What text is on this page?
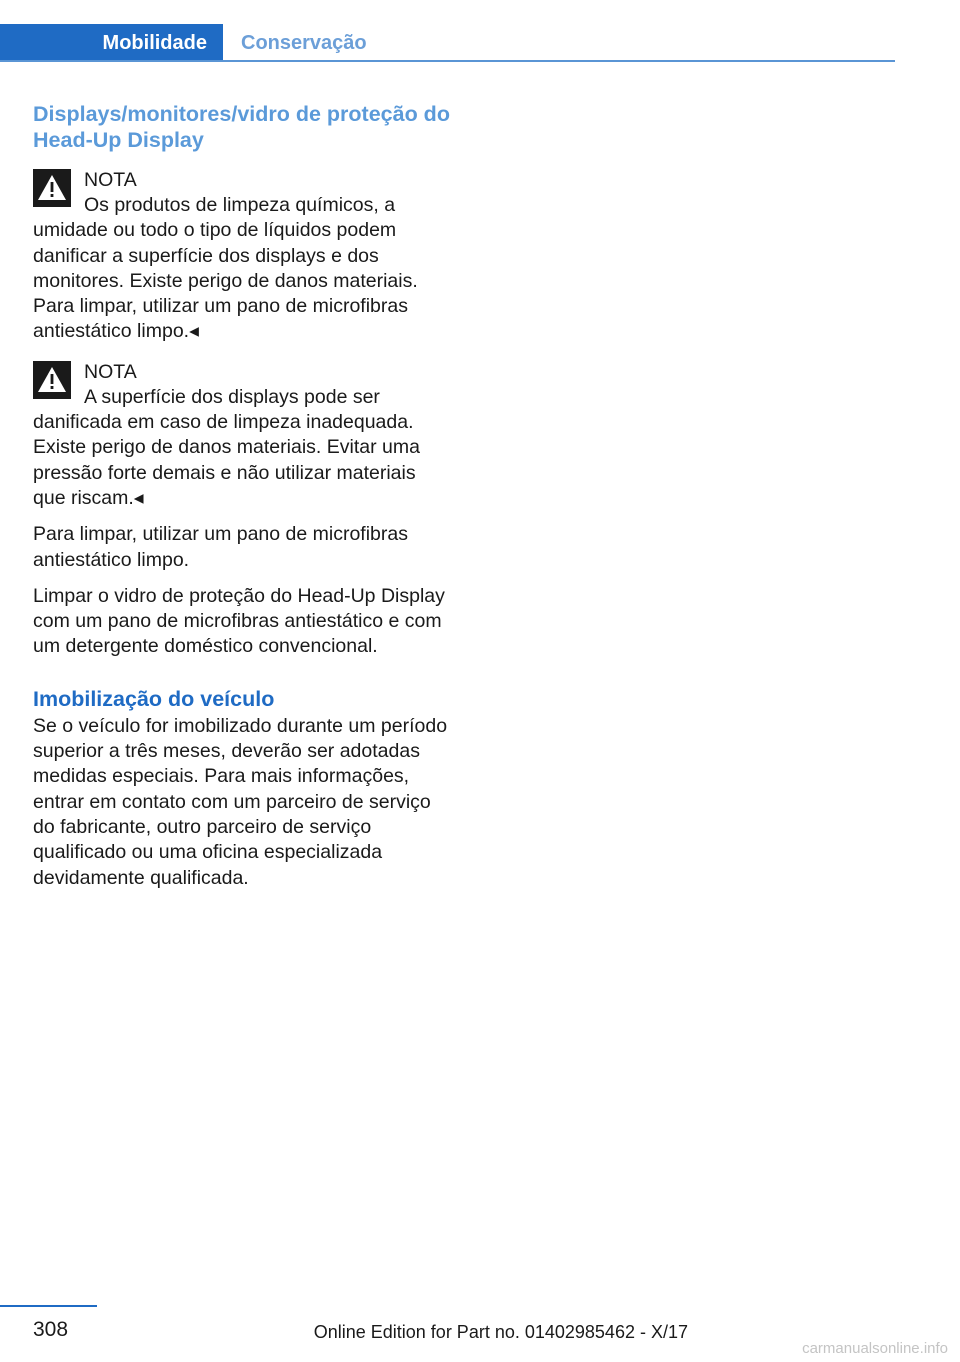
Mobilidade	Conservação
Displays/monitores/vidro de proteção do Head-Up Display
NOTA

Os produtos de limpeza químicos, a umidade ou todo o tipo de líquidos podem danificar a superfície dos displays e dos monitores. Existe perigo de danos materiais. Para limpar, utilizar um pano de microfibras antiestático limpo.◂

NOTA

A superfície dos displays pode ser danificada em caso de limpeza inadequada. Existe perigo de danos materiais. Evitar uma pressão forte demais e não utilizar materiais que riscam.◂

Para limpar, utilizar um pano de microfibras antiestático limpo.

Limpar o vidro de proteção do Head-Up Display com um pano de microfibras antiestático e com um detergente doméstico convencional.

Imobilização do veículo

Se o veículo for imobilizado durante um período superior a três meses, deverão ser adotadas medidas especiais. Para mais informações, entrar em contato com um parceiro de serviço do fabricante, outro parceiro de serviço qualificado ou uma oficina especializada devidamente qualificada.

308	Online Edition for Part no. 01402985462 - X/17
carmanualsonline.info
